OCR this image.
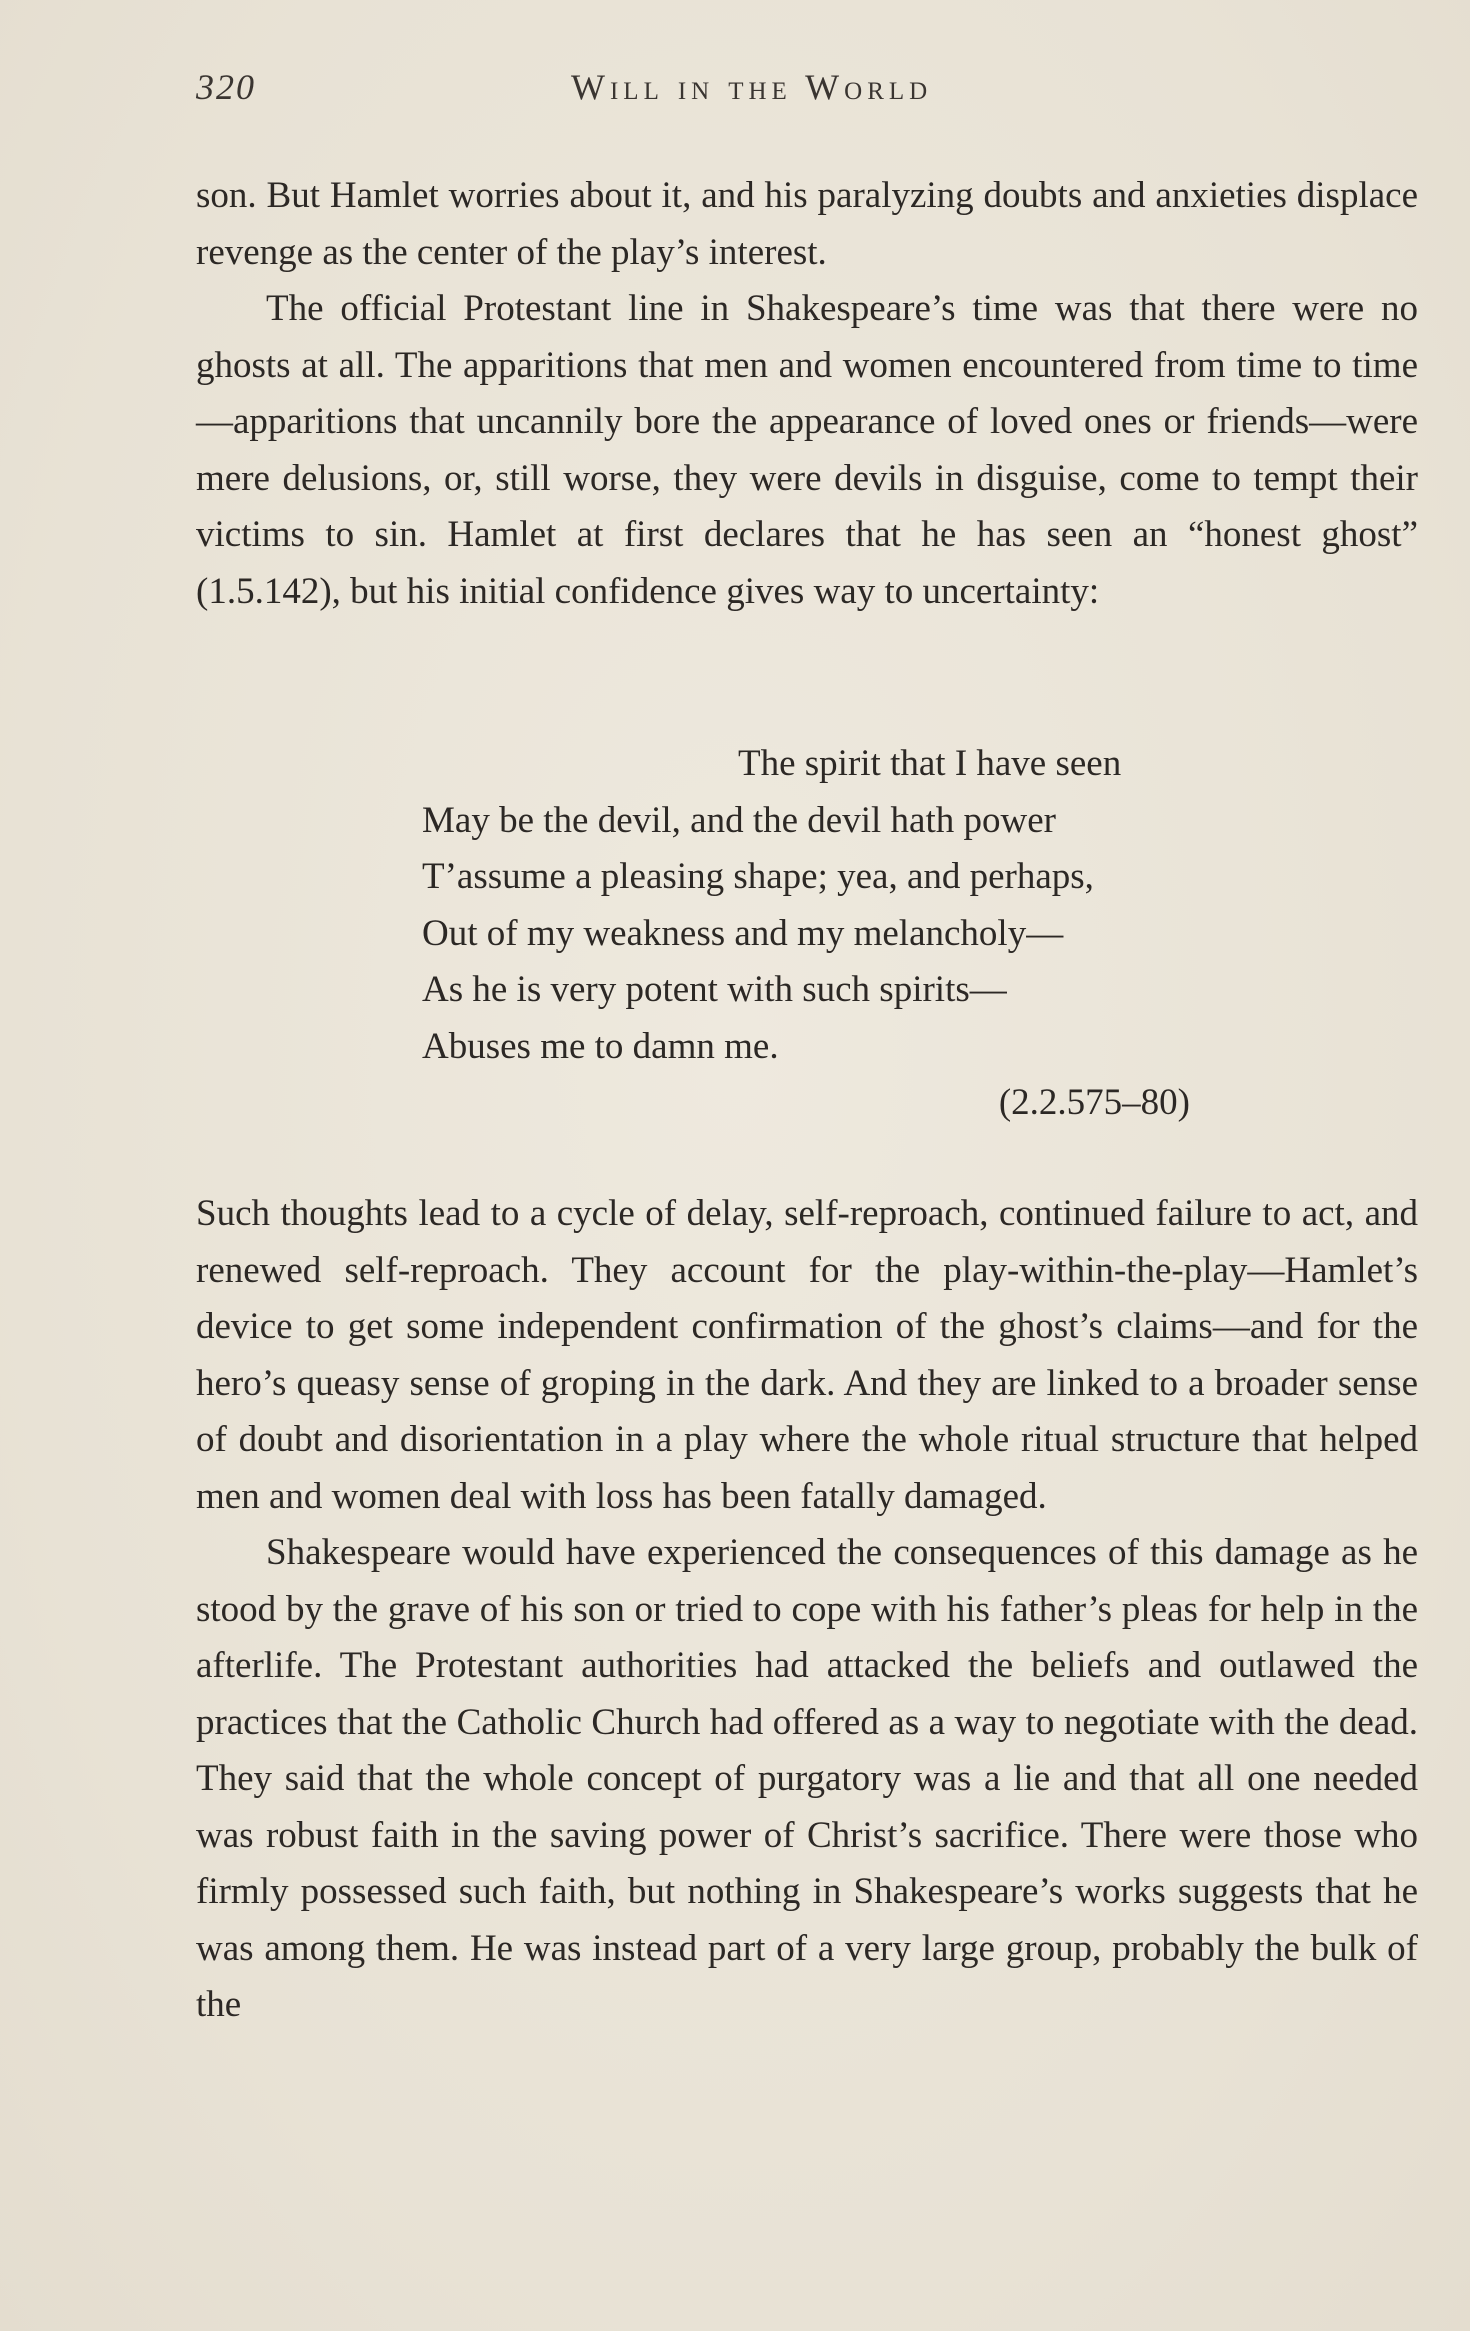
320	Will in the World

son. But Hamlet worries about it, and his paralyzing doubts and anxieties displace revenge as the center of the play’s interest.

The official Protestant line in Shakespeare’s time was that there were no ghosts at all. The apparitions that men and women encountered from time to time—apparitions that uncannily bore the appearance of loved ones or friends—were mere delusions, or, still worse, they were devils in disguise, come to tempt their victims to sin. Hamlet at first declares that he has seen an “honest ghost” (1.5.142), but his initial confidence gives way to uncertainty:

The spirit that I have seen
May be the devil, and the devil hath power
T’assume a pleasing shape; yea, and perhaps,
Out of my weakness and my melancholy—
As he is very potent with such spirits—
Abuses me to damn me.
(2.2.575–80)

Such thoughts lead to a cycle of delay, self-reproach, continued failure to act, and renewed self-reproach. They account for the play-within-the-play—Hamlet’s device to get some independent confirmation of the ghost’s claims—and for the hero’s queasy sense of groping in the dark. And they are linked to a broader sense of doubt and disorientation in a play where the whole ritual structure that helped men and women deal with loss has been fatally damaged.

Shakespeare would have experienced the consequences of this damage as he stood by the grave of his son or tried to cope with his father’s pleas for help in the afterlife. The Protestant authorities had attacked the beliefs and outlawed the practices that the Catholic Church had offered as a way to negotiate with the dead. They said that the whole concept of purgatory was a lie and that all one needed was robust faith in the saving power of Christ’s sacrifice. There were those who firmly possessed such faith, but nothing in Shakespeare’s works suggests that he was among them. He was instead part of a very large group, probably the bulk of the
